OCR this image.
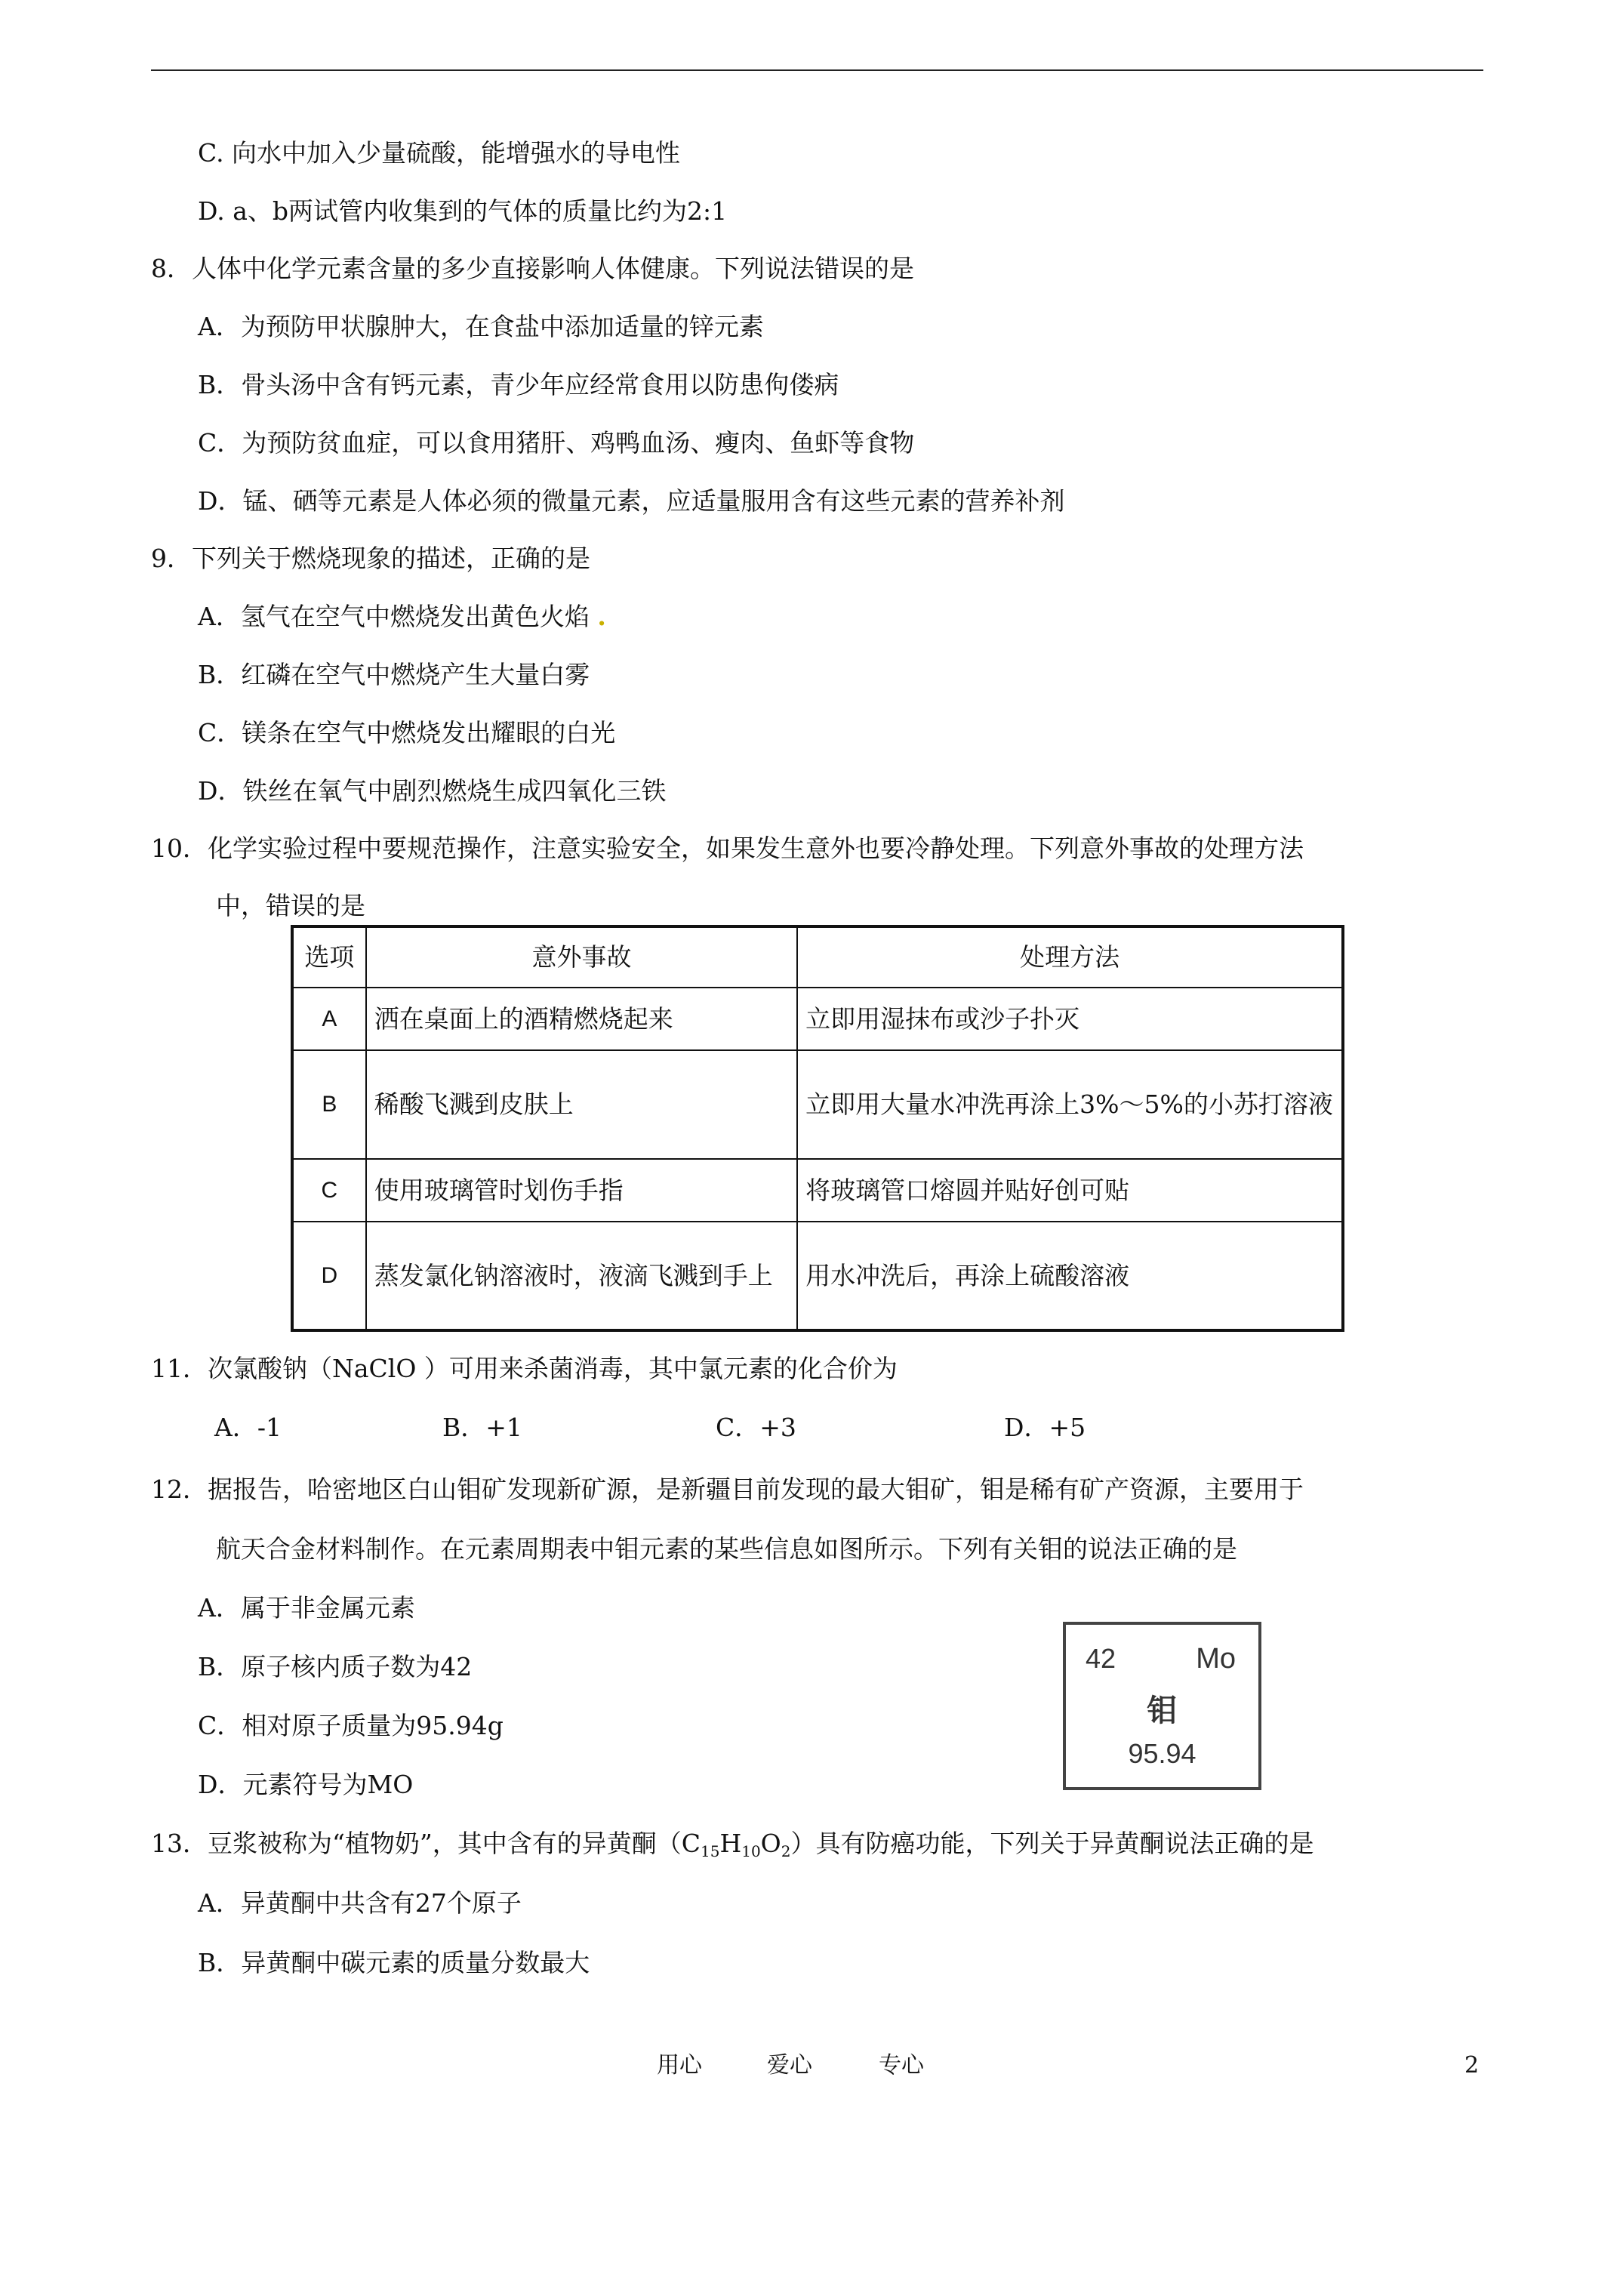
C. 向水中加入少量硫酸，能增强水的导电性
D. a、b两试管内收集到的气体的质量比约为2:1
8．人体中化学元素含量的多少直接影响人体健康。下列说法错误的是
A．为预防甲状腺肿大，在食盐中添加适量的锌元素
B．骨头汤中含有钙元素，青少年应经常食用以防患佝偻病
C．为预防贫血症，可以食用猪肝、鸡鸭血汤、瘦肉、鱼虾等食物
D．锰、硒等元素是人体必须的微量元素，应适量服用含有这些元素的营养补剂
9．下列关于燃烧现象的描述，正确的是
A．氢气在空气中燃烧发出黄色火焰 .
B．红磷在空气中燃烧产生大量白雾
C．镁条在空气中燃烧发出耀眼的白光
D．铁丝在氧气中剧烈燃烧生成四氧化三铁
10．化学实验过程中要规范操作，注意实验安全，如果发生意外也要冷静处理。下列意外事故的处理方法
中，错误的是
选项	意外事故	处理方法
A	洒在桌面上的酒精燃烧起来	立即用湿抹布或沙子扑灭
B	稀酸飞溅到皮肤上	立即用大量水冲洗再涂上3%～5%的小苏打溶液
C	使用玻璃管时划伤手指	将玻璃管口熔圆并贴好创可贴
D	蒸发氯化钠溶液时，液滴飞溅到手上	用水冲洗后，再涂上硫酸溶液
11．次氯酸钠（NaClO ）可用来杀菌消毒，其中氯元素的化合价为
A．-1	B．+1	C．+3	D．+5
12．据报告，哈密地区白山钼矿发现新矿源，是新疆目前发现的最大钼矿，钼是稀有矿产资源，主要用于
航天合金材料制作。在元素周期表中钼元素的某些信息如图所示。下列有关钼的说法正确的是
A．属于非金属元素
B．原子核内质子数为42
C．相对原子质量为95.94g
D．元素符号为MO
42	Mo
钼
95.94
13．豆浆被称为“植物奶”，其中含有的异黄酮$(C_{15}H_{10}O_2)$具有防癌功能，下列关于异黄酮说法正确的是
A．异黄酮中共含有27个原子
B．异黄酮中碳元素的质量分数最大
用心	爱心	专心	2
